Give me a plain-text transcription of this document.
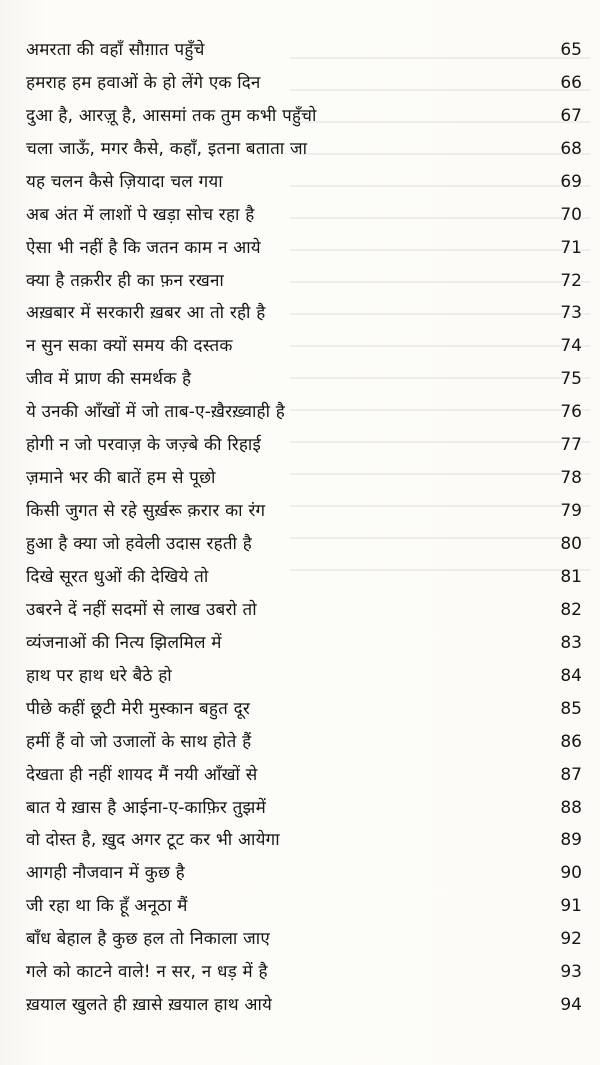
अमरता की वहाँ सौग़ात पहुँचे	65
हमराह हम हवाओं के हो लेंगे एक दिन	66
दुआ है, आरज़ू है, आसमां तक तुम कभी पहुँचो	67
चला जाऊँ, मगर कैसे, कहाँ, इतना बताता जा	68
यह चलन कैसे ज़ियादा चल गया	69
अब अंत में लाशों पे खड़ा सोच रहा है	70
ऐसा भी नहीं है कि जतन काम न आये	71
क्या है तक़रीर ही का फ़न रखना	72
अख़बार में सरकारी ख़बर आ तो रही है	73
न सुन सका क्यों समय की दस्तक	74
जीव में प्राण की समर्थक है	75
ये उनकी आँखों में जो ताब-ए-ख़ैरख़्वाही है	76
होगी न जो परवाज़ के जज़्बे की रिहाई	77
ज़माने भर की बातें हम से पूछो	78
किसी जुगत से रहे सुर्ख़रू क़रार का रंग	79
हुआ है क्या जो हवेली उदास रहती है	80
दिखे सूरत धुओं की देखिये तो	81
उबरने दें नहीं सदमों से लाख उबरो तो	82
व्यंजनाओं की नित्य झिलमिल में	83
हाथ पर हाथ धरे बैठे हो	84
पीछे कहीं छूटी मेरी मुस्कान बहुत दूर	85
हमीं हैं वो जो उजालों के साथ होते हैं	86
देखता ही नहीं शायद मैं नयी आँखों से	87
बात ये ख़ास है आईना-ए-काफ़िर तुझमें	88
वो दोस्त है, ख़ुद अगर टूट कर भी आयेगा	89
आगही नौजवान में कुछ है	90
जी रहा था कि हूँ अनूठा मैं	91
बाँध बेहाल है कुछ हल तो निकाला जाए	92
गले को काटने वाले! न सर, न धड़ में है	93
ख़याल खुलते ही ख़ासे ख़याल हाथ आये	94
